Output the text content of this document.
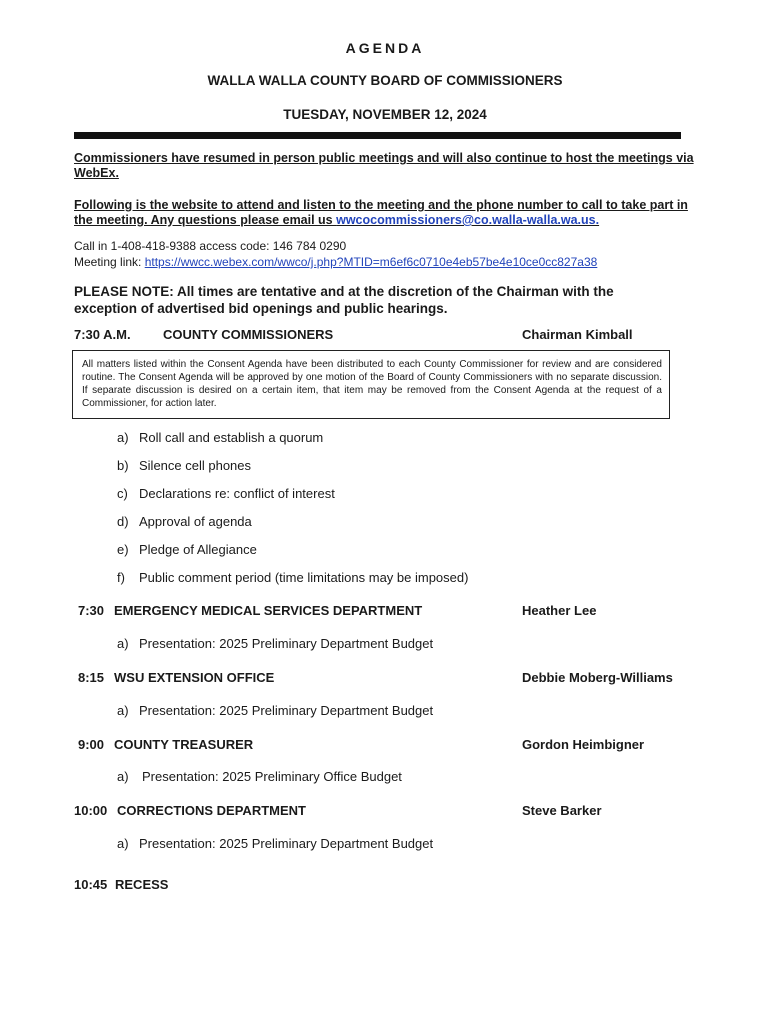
AGENDA
WALLA WALLA COUNTY BOARD OF COMMISSIONERS
TUESDAY, NOVEMBER 12, 2024
Commissioners have resumed in person public meetings and will also continue to host the meetings via WebEx.
Following is the website to attend and listen to the meeting and the phone number to call to take part in the meeting. Any questions please email us wwcocommissioners@co.walla-walla.wa.us.
Call in 1-408-418-9388 access code: 146 784 0290
Meeting link: https://wwcc.webex.com/wwco/j.php?MTID=m6ef6c0710e4eb57be4e10ce0cc827a38
PLEASE NOTE: All times are tentative and at the discretion of the Chairman with the exception of advertised bid openings and public hearings.
7:30 A.M. COUNTY COMMISSIONERS	Chairman Kimball
All matters listed within the Consent Agenda have been distributed to each County Commissioner for review and are considered routine. The Consent Agenda will be approved by one motion of the Board of County Commissioners with no separate discussion. If separate discussion is desired on a certain item, that item may be removed from the Consent Agenda at the request of a Commissioner, for action later.
a) Roll call and establish a quorum
b) Silence cell phones
c) Declarations re: conflict of interest
d) Approval of agenda
e) Pledge of Allegiance
f) Public comment period (time limitations may be imposed)
7:30 EMERGENCY MEDICAL SERVICES DEPARTMENT	Heather Lee
a) Presentation: 2025 Preliminary Department Budget
8:15 WSU EXTENSION OFFICE	Debbie Moberg-Williams
a) Presentation: 2025 Preliminary Department Budget
9:00 COUNTY TREASURER	Gordon Heimbigner
a) Presentation: 2025 Preliminary Office Budget
10:00 CORRECTIONS DEPARTMENT	Steve Barker
a) Presentation: 2025 Preliminary Department Budget
10:45 RECESS
